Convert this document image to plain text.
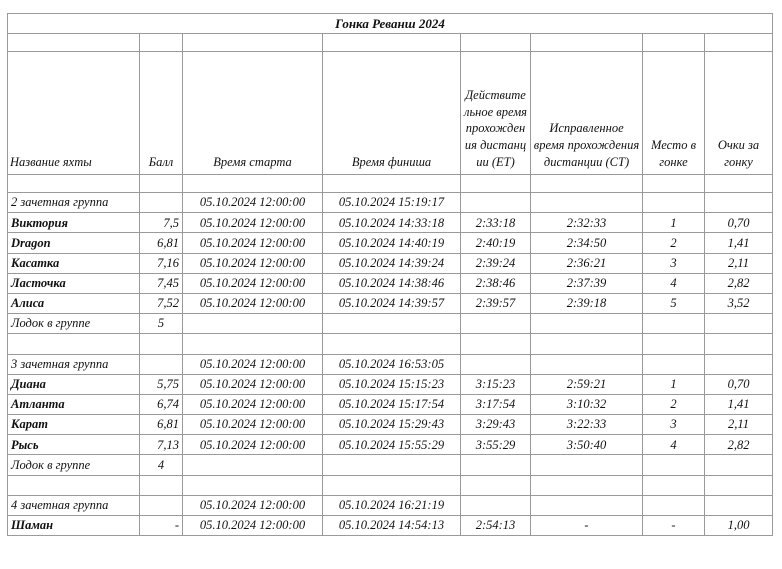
Гонка Реванш 2024							

Название яхты	Балл	Время старта	Время финиша	Действительное время прохождения дистанции (ET)	Исправленное время прохождения дистанции (CT)	Место в гонке	Очки за гонку

2 зачетная группа		05.10.2024 12:00:00	05.10.2024 15:19:17				
Виктория	7,5	05.10.2024 12:00:00	05.10.2024 14:33:18	2:33:18	2:32:33	1	0,70
Dragon	6,81	05.10.2024 12:00:00	05.10.2024 14:40:19	2:40:19	2:34:50	2	1,41
Касатка	7,16	05.10.2024 12:00:00	05.10.2024 14:39:24	2:39:24	2:36:21	3	2,11
Ласточка	7,45	05.10.2024 12:00:00	05.10.2024 14:38:46	2:38:46	2:37:39	4	2,82
Алиса	7,52	05.10.2024 12:00:00	05.10.2024 14:39:57	2:39:57	2:39:18	5	3,52
Лодок в группе	5						

3 зачетная группа		05.10.2024 12:00:00	05.10.2024 16:53:05				
Диана	5,75	05.10.2024 12:00:00	05.10.2024 15:15:23	3:15:23	2:59:21	1	0,70
Атланта	6,74	05.10.2024 12:00:00	05.10.2024 15:17:54	3:17:54	3:10:32	2	1,41
Карат	6,81	05.10.2024 12:00:00	05.10.2024 15:29:43	3:29:43	3:22:33	3	2,11
Рысь	7,13	05.10.2024 12:00:00	05.10.2024 15:55:29	3:55:29	3:50:40	4	2,82
Лодок в группе	4						

4 зачетная группа		05.10.2024 12:00:00	05.10.2024 16:21:19				
Шаман	-	05.10.2024 12:00:00	05.10.2024 14:54:13	2:54:13	-	-	1,00
